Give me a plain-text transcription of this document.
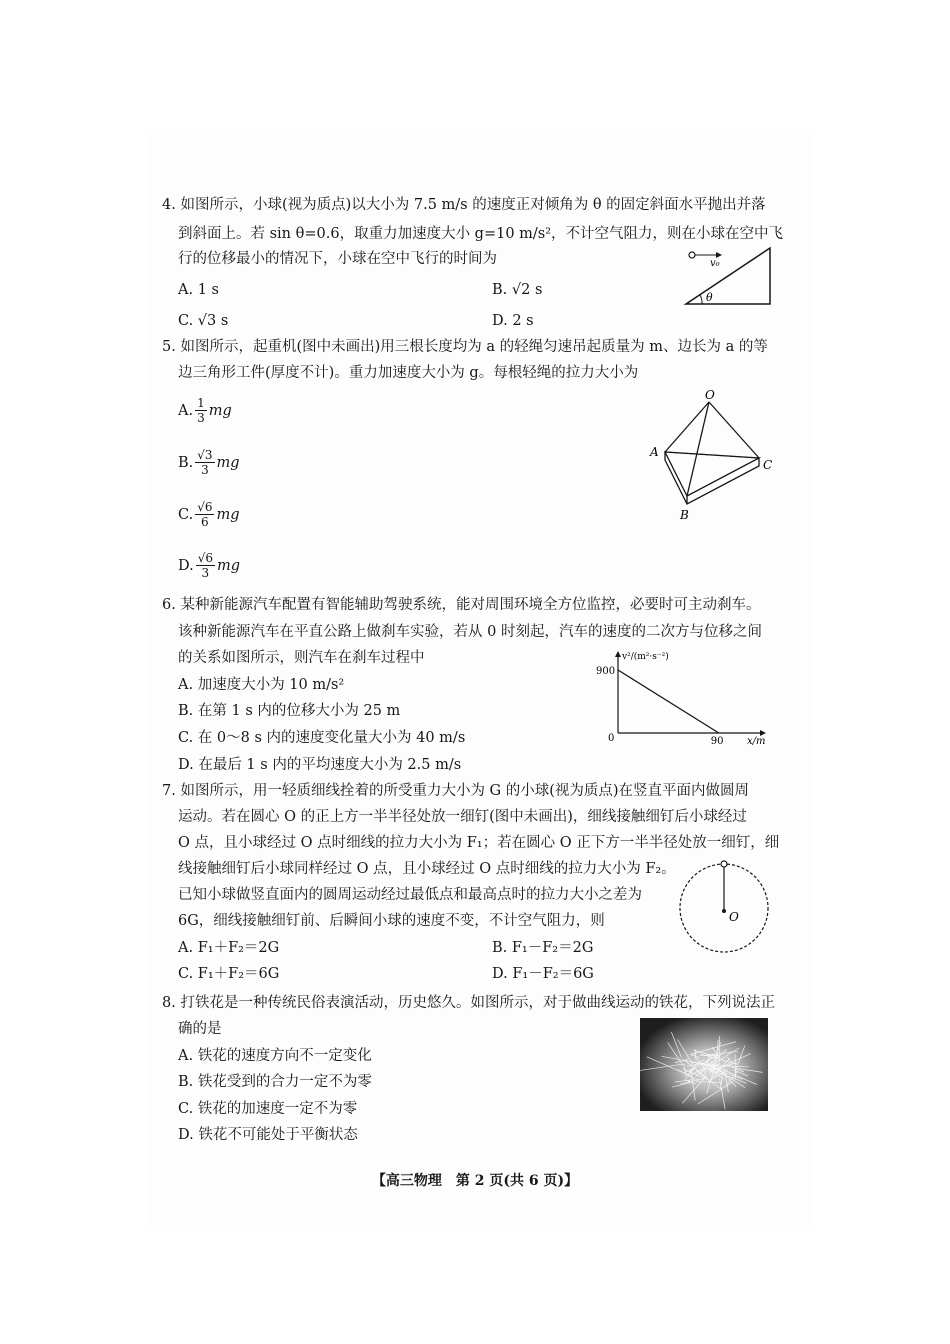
4. 如图所示，小球(视为质点)以大小为 7.5 m/s 的速度正对倾角为 θ 的固定斜面水平抛出并落
到斜面上。若 sin θ=0.6，取重力加速度大小 g=10 m/s²，不计空气阻力，则在小球在空中飞
行的位移最小的情况下，小球在空中飞行的时间为
A. 1 s	B. √2 s
C. √3 s	D. 2 s
v₀
θ
5. 如图所示，起重机(图中未画出)用三根长度均为 a 的轻绳匀速吊起质量为 m、边长为 a 的等
边三角形工件(厚度不计)。重力加速度大小为 g。每根轻绳的拉力大小为
A. $\frac{1}{3}$ mg
B. $\frac{√3}{3}$ mg
C. $\frac{√6}{6}$ mg
D. $\frac{√6}{3}$ mg
O
A
B
C
6. 某种新能源汽车配置有智能辅助驾驶系统，能对周围环境全方位监控，必要时可主动刹车。
该种新能源汽车在平直公路上做刹车实验，若从 0 时刻起，汽车的速度的二次方与位移之间
的关系如图所示，则汽车在刹车过程中
A. 加速度大小为 10 m/s²
B. 在第 1 s 内的位移大小为 25 m
C. 在 0～8 s 内的速度变化量大小为 40 m/s
D. 在最后 1 s 内的平均速度大小为 2.5 m/s
v²/(m²·s⁻²)
x/m
0
900
90
7. 如图所示，用一轻质细线拴着的所受重力大小为 G 的小球(视为质点)在竖直平面内做圆周
运动。若在圆心 O 的正上方一半半径处放一细钉(图中未画出)，细线接触细钉后小球经过
O 点，且小球经过 O 点时细线的拉力大小为 F₁；若在圆心 O 正下方一半半径处放一细钉，细
线接触细钉后小球同样经过 O 点，且小球经过 O 点时细线的拉力大小为 F₂。
已知小球做竖直面内的圆周运动经过最低点和最高点时的拉力大小之差为
6G，细线接触细钉前、后瞬间小球的速度不变，不计空气阻力，则
A. F₁＋F₂＝2G	B. F₁－F₂＝2G
C. F₁＋F₂＝6G	D. F₁－F₂＝6G
O
8. 打铁花是一种传统民俗表演活动，历史悠久。如图所示，对于做曲线运动的铁花，下列说法正
确的是
A. 铁花的速度方向不一定变化
B. 铁花受到的合力一定不为零
C. 铁花的加速度一定不为零
D. 铁花不可能处于平衡状态
【高三物理　第 2 页(共 6 页)】
